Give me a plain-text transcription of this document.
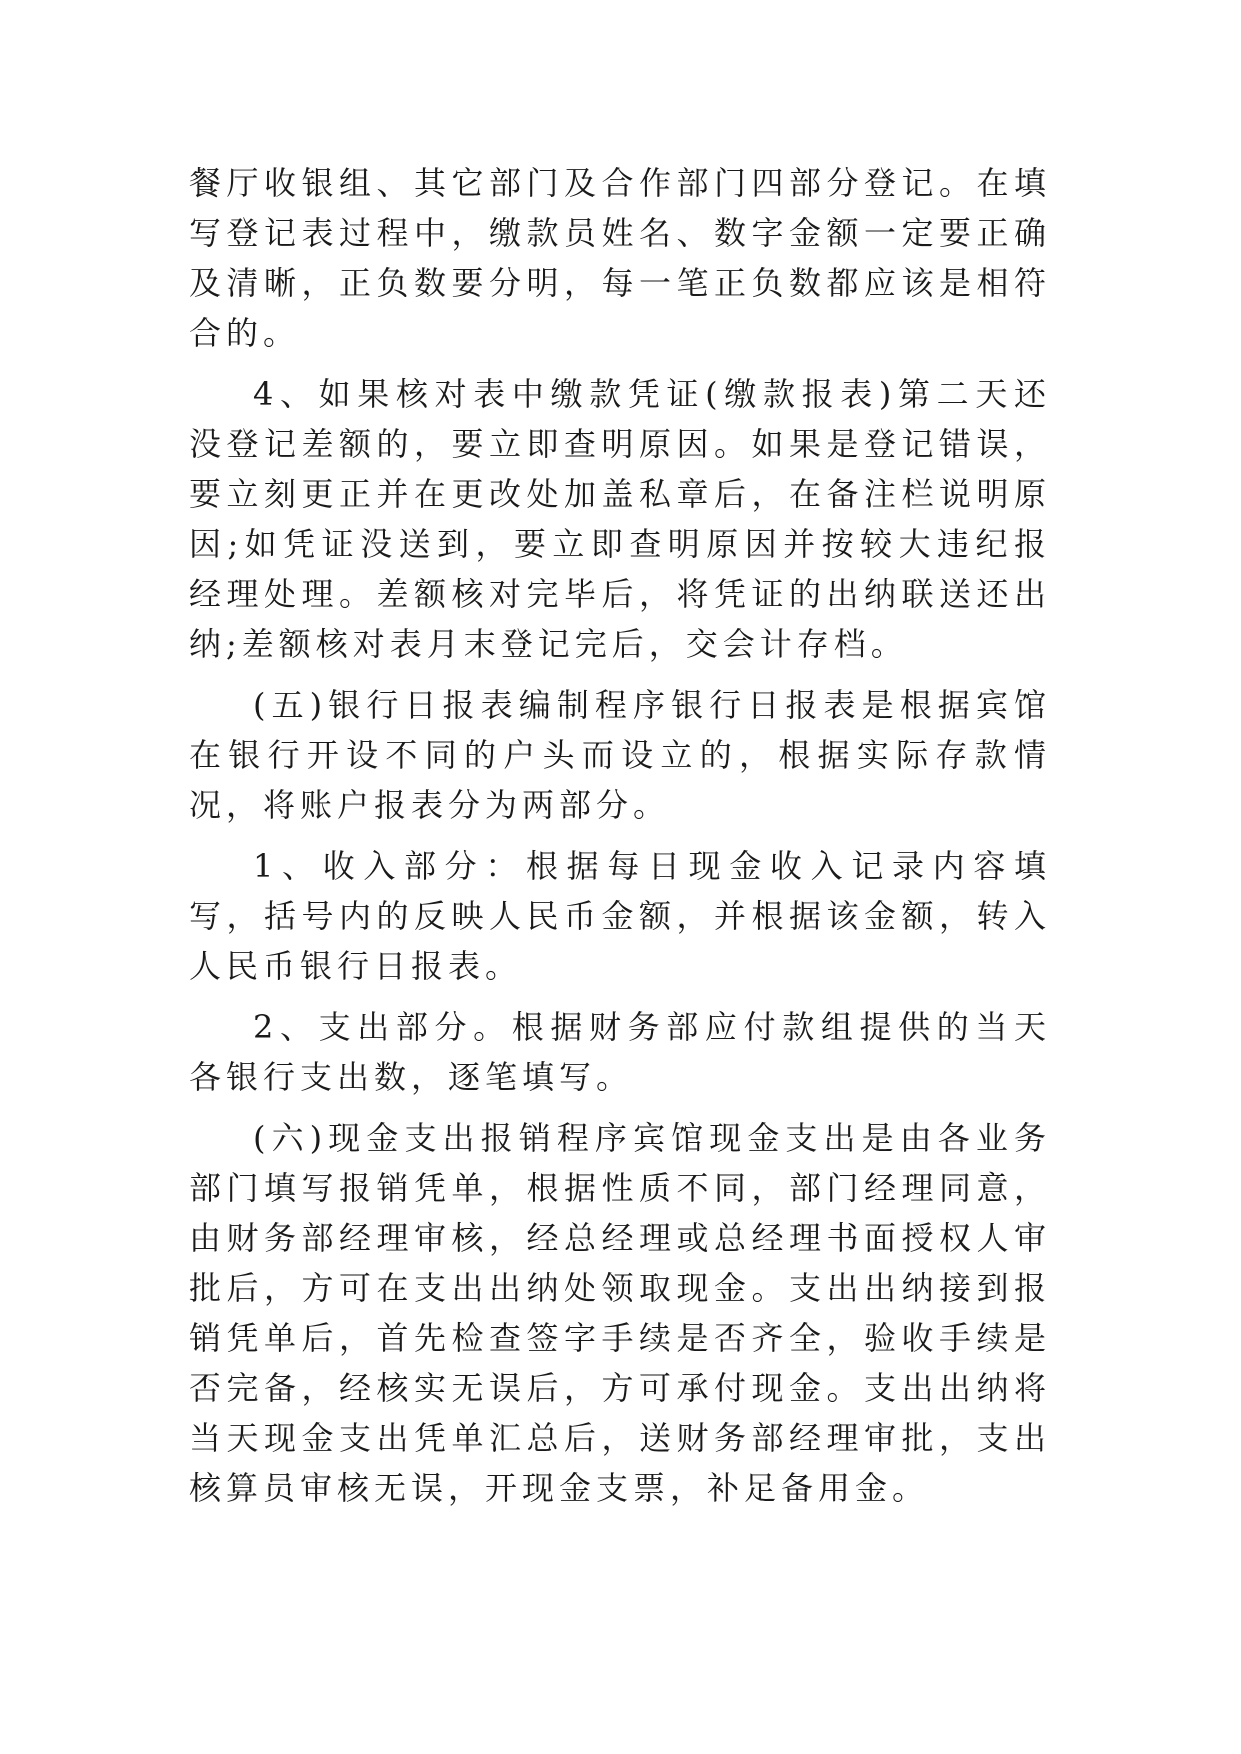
餐厅收银组、其它部门及合作部门四部分登记。在填写登记表过程中，缴款员姓名、数字金额一定要正确及清晰，正负数要分明，每一笔正负数都应该是相符合的。

4、如果核对表中缴款凭证(缴款报表)第二天还没登记差额的，要立即查明原因。如果是登记错误，要立刻更正并在更改处加盖私章后，在备注栏说明原因;如凭证没送到，要立即查明原因并按较大违纪报经理处理。差额核对完毕后，将凭证的出纳联送还出纳;差额核对表月末登记完后，交会计存档。

(五)银行日报表编制程序银行日报表是根据宾馆在银行开设不同的户头而设立的，根据实际存款情况，将账户报表分为两部分。

1、收入部分：根据每日现金收入记录内容填写，括号内的反映人民币金额，并根据该金额，转入人民币银行日报表。

2、支出部分。根据财务部应付款组提供的当天各银行支出数，逐笔填写。

(六)现金支出报销程序宾馆现金支出是由各业务部门填写报销凭单，根据性质不同，部门经理同意，由财务部经理审核，经总经理或总经理书面授权人审批后，方可在支出出纳处领取现金。支出出纳接到报销凭单后，首先检查签字手续是否齐全，验收手续是否完备，经核实无误后，方可承付现金。支出出纳将当天现金支出凭单汇总后，送财务部经理审批，支出核算员审核无误，开现金支票，补足备用金。
